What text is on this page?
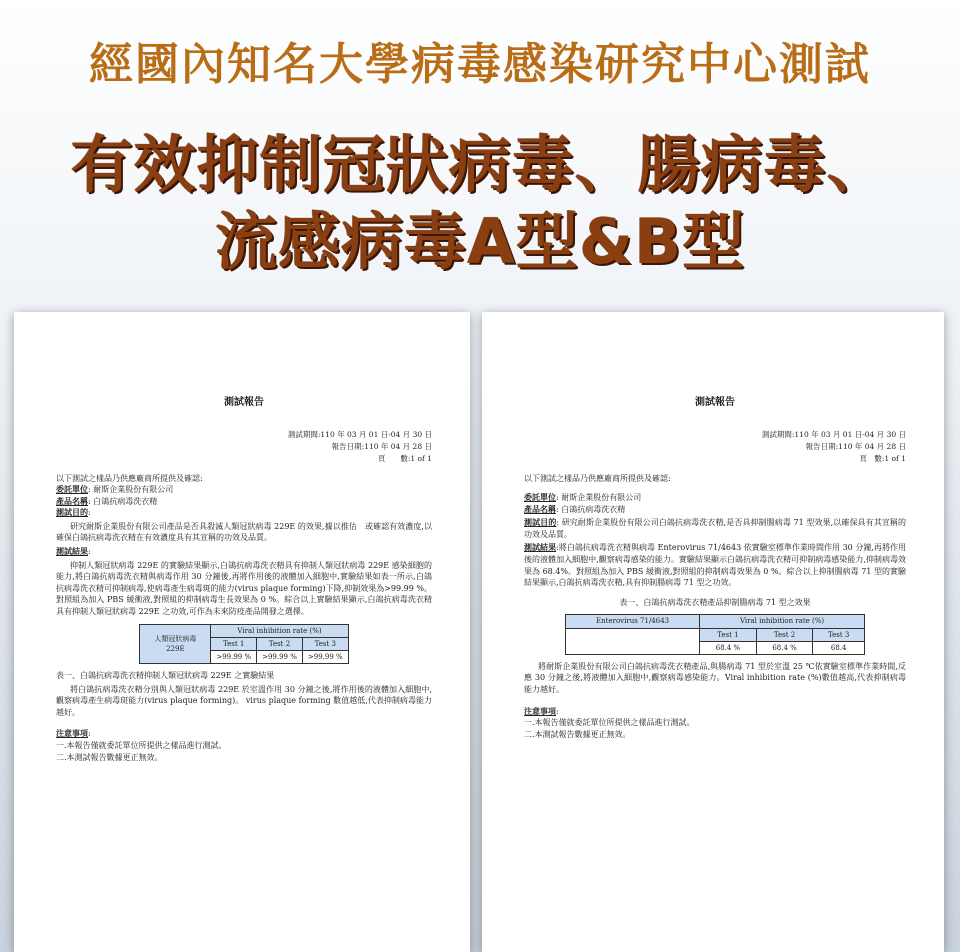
經國內知名大學病毒感染研究中心測試
有效抑制冠狀病毒、腸病毒、
流感病毒A型&B型
測試報告
測試期間:110 年 03 月 01 日-04 月 30 日
報告日期:110 年 04 月 28 日
頁　　數:1 of 1

以下測試之樣品乃供應廠商所提供及確認:

委託單位: 耐斯企業股份有限公司

產品名稱: 白鴿抗病毒洗衣精

測試目的:

研究耐斯企業股份有限公司產品是否具殺滅人類冠狀病毒 229E 的效果,據以推估　或確認有效濃度,以確保白鴿抗病毒洗衣精在有效濃度具有其宣稱的功效及品質。

測試結果:

抑制人類冠狀病毒 229E 的實驗結果顯示,白鴿抗病毒洗衣精具有抑制人類冠狀病毒 229E 感染細胞的能力,將白鴿抗病毒洗衣精與病毒作用 30 分鐘後,再將作用後的液體加入細胞中,實驗結果如表一所示,白鴿抗病毒洗衣精可抑制病毒,使病毒產生病毒斑的能力(virus plaque forming)下降,抑制效果為>99.99 %。對照組為加入 PBS 緩衝液,對照組的抑制病毒生長效果為 0 %。綜合以上實驗結果顯示,白鴿抗病毒洗衣精具有抑制人類冠狀病毒 229E 之功效,可作為未來防疫產品開發之選擇。

人類冠狀病毒 229E	Viral inhibition rate (%)		
	Test 1	Test 2	Test 3
	>99.99 %	>99.99 %	>99.99 %

表一、白鴿抗病毒洗衣精抑制人類冠狀病毒 229E 之實驗結果

將白鴿抗病毒洗衣精分別與人類冠狀病毒 229E 於室溫作用 30 分鐘之後,將作用後的液體加入細胞中,觀察病毒產生病毒斑能力(virus plaque forming)。 virus plaque forming 數值越低,代表抑制病毒能力越好。

注意事項:

一.本報告僅就委託單位所提供之樣品進行測試。

二.本測試報告數據更正無效。

測試報告
測試期間:110 年 03 月 01 日-04 月 30 日
報告日期:110 年 04 月 28 日
頁　數:1 of 1

以下測試之樣品乃供應廠商所提供及確認:

委託單位: 耐斯企業股份有限公司

產品名稱: 白鴿抗病毒洗衣精

測試目的: 研究耐斯企業股份有限公司白鴿抗病毒洗衣精,是否具抑制腸病毒 71 型效果,以確保具有其宣稱的功效及品質。

測試結果:將白鴿抗病毒洗衣精與病毒 Enterovirus 71/4643 依實驗室標準作業時間作用 30 分鐘,再將作用後的液體加入細胞中,觀察病毒感染的能力。實驗結果顯示白鴿抗病毒洗衣精可抑制病毒感染能力,抑制病毒效果為 68.4%。對照組為加入 PBS 緩衝液,對照組的抑制病毒效果為 0 %。綜合以上抑制腸病毒 71 型的實驗結果顯示,白鴿抗病毒洗衣精,具有抑制腸病毒 71 型之功效。

表一、白鴿抗病毒洗衣精產品抑制腸病毒 71 型之效果

Enterovirus 71/4643	Viral inhibition rate (%)		
	Test 1	Test 2	Test 3
	68.4 %	68.4 %	68.4

將耐斯企業股份有限公司白鴿抗病毒洗衣精產品,與腸病毒 71 型於室溫 25 ℃依實驗室標準作業時間,反應 30 分鐘之後,將液體加入細胞中,觀察病毒感染能力。Viral inhibition rate (%)數值越高,代表抑制病毒能力越好。

注意事項:

一.本報告僅就委託單位所提供之樣品進行測試。

二.本測試報告數據更正無效。
